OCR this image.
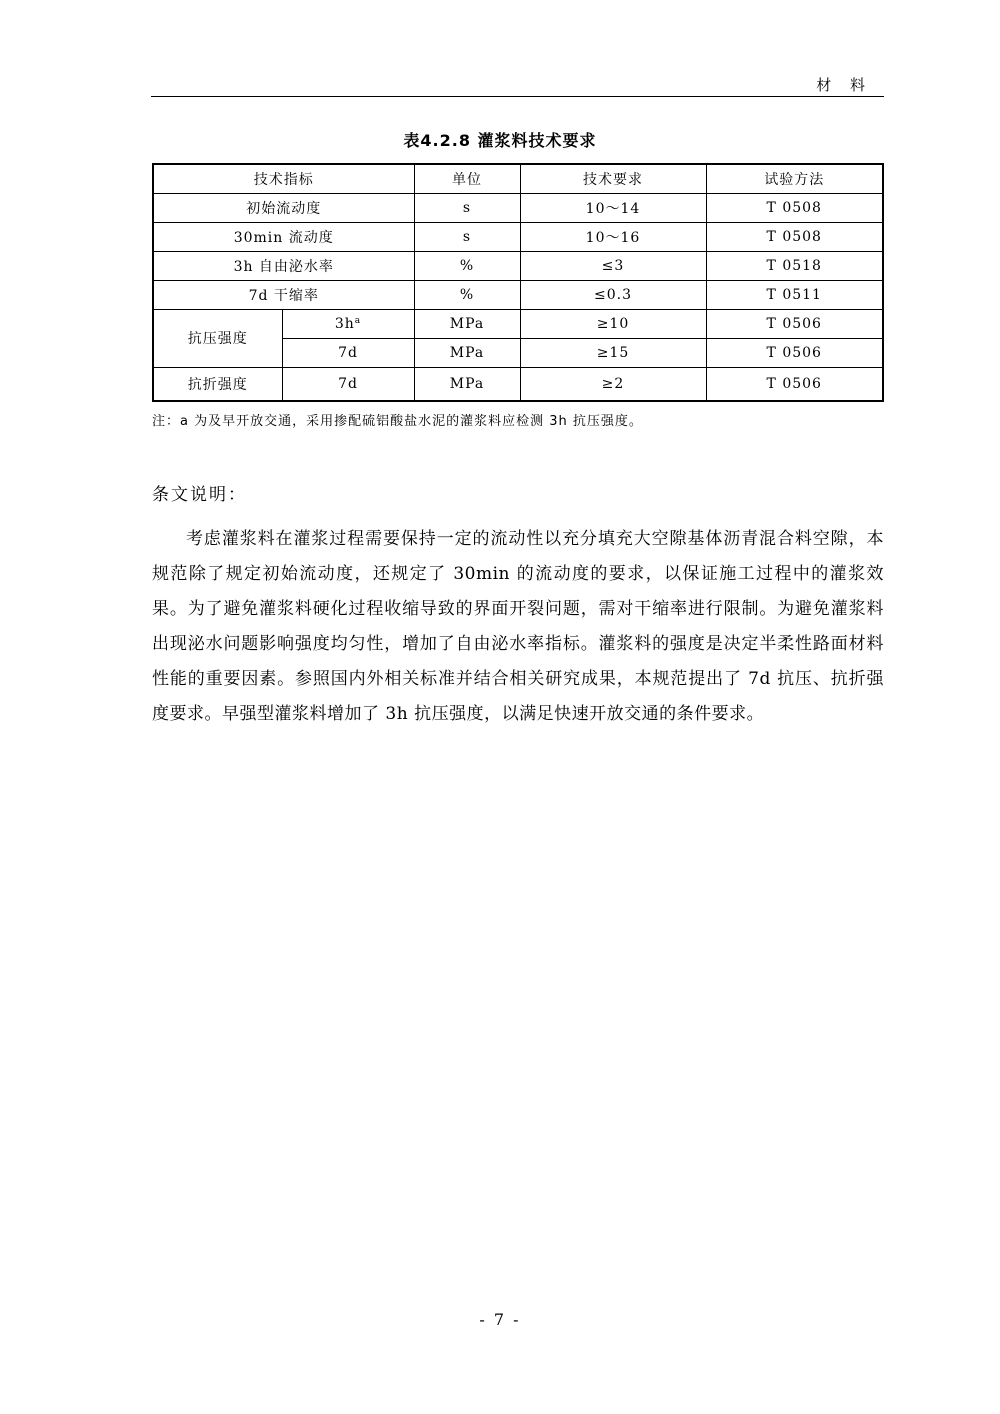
材 料
表4.2.8 灌浆料技术要求
技术指标		单位	技术要求	试验方法
初始流动度		s	10～14	T 0508
30min 流动度		s	10～16	T 0508
3h 自由泌水率		%	≤3	T 0518
7d 干缩率		%	≤0.3	T 0511
抗压强度	3h$^a$	MPa	≥10	T 0506
	7d	MPa	≥15	T 0506
抗折强度	7d	MPa	≥2	T 0506
注：a 为及早开放交通，采用掺配硫铝酸盐水泥的灌浆料应检测 3h 抗压强度。
条文说明：

考虑灌浆料在灌浆过程需要保持一定的流动性以充分填充大空隙基体沥青混合料空隙，本规范除了规定初始流动度，还规定了 30min 的流动度的要求，以保证施工过程中的灌浆效果。为了避免灌浆料硬化过程收缩导致的界面开裂问题，需对干缩率进行限制。为避免灌浆料出现泌水问题影响强度均匀性，增加了自由泌水率指标。灌浆料的强度是决定半柔性路面材料性能的重要因素。参照国内外相关标准并结合相关研究成果，本规范提出了 7d 抗压、抗折强度要求。早强型灌浆料增加了 3h 抗压强度，以满足快速开放交通的条件要求。

- 7 -
